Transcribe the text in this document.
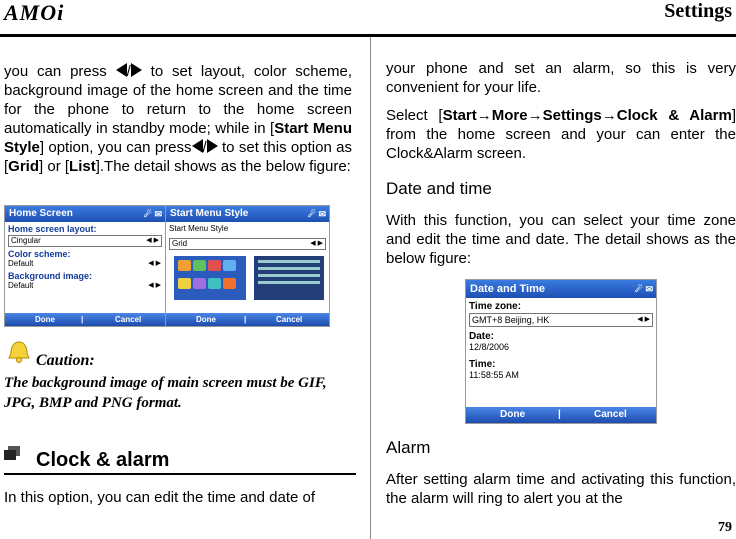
AMOi	Settings
you can press / to set layout, color scheme, background image of the home screen and the time for the phone to return to the home screen automatically in standby mode; while in [Start Menu Style] option, you can press / to set this option as [Grid] or [List].The detail shows as the below figure:
Home Screen	☄ ✉
Home screen layout:
Cingular	◀ ▶
Color scheme:
Default	◀ ▶
Background image:
Default	◀ ▶
Done	|	Cancel
Start Menu Style	☄ ✉
Start Menu Style
Grid	◀ ▶

Done	|	Cancel
Caution:
The background image of main screen must be GIF, JPG, BMP and PNG format.
Clock & alarm
In this option, you can edit the time and date of
your phone and set an alarm, so this is very convenient for your life.
Select [Start→More→Settings→Clock & Alarm] from the home screen and your can enter the Clock&Alarm screen.
Date and time
With this function, you can select your time zone and edit the time and date. The detail shows as the below figure:
Date and Time	☄ ✉
Time zone:
GMT+8 Beijing, HK	◀ ▶
Date:
12/8/2006
Time:
11:58:55 AM
Done	|	Cancel
Alarm
After setting alarm time and activating this function, the alarm will ring to alert you at the
79
